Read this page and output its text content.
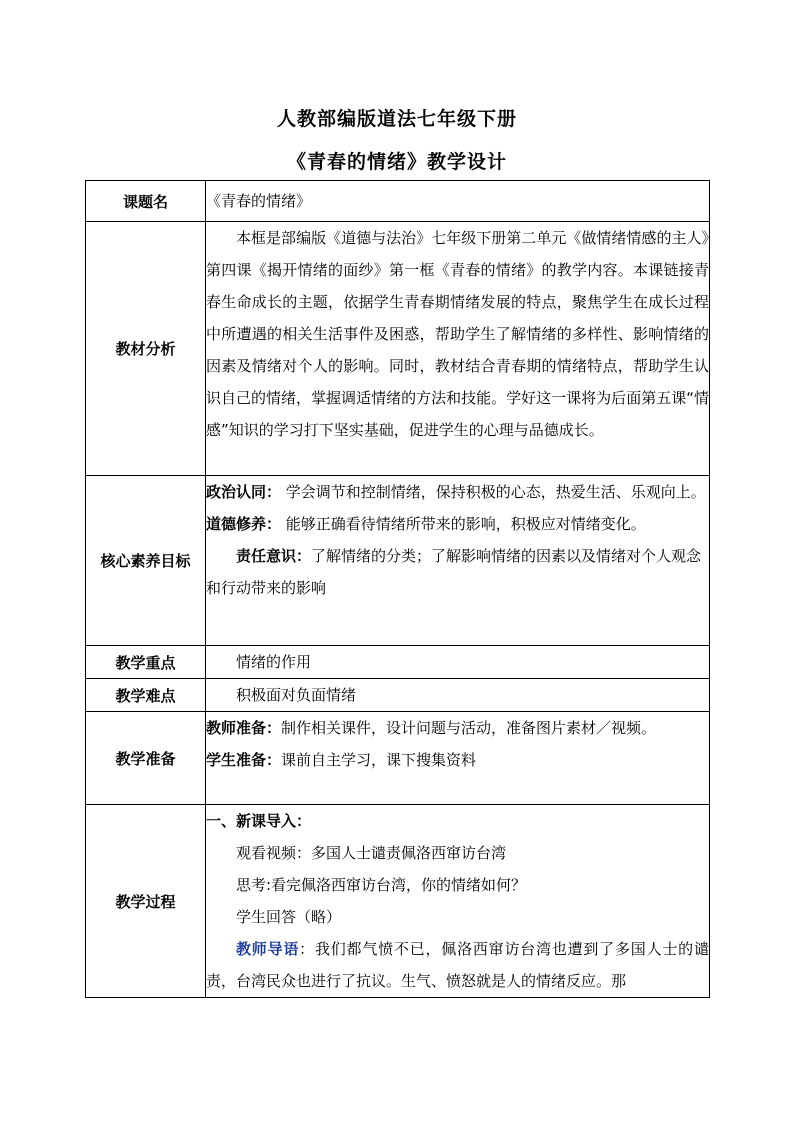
人教部编版道法七年级下册
《青春的情绪》教学设计
课题名	《青春的情绪》

教材分析	本框是部编版《道德与法治》七年级下册第二单元《做情绪情感的主人》第四课《揭开情绪的面纱》第一框《青春的情绪》的教学内容。本课链接青春生命成长的主题，依据学生青春期情绪发展的特点，聚焦学生在成长过程中所遭遇的相关生活事件及困惑，帮助学生了解情绪的多样性、影响情绪的因素及情绪对个人的影响。同时，教材结合青春期的情绪特点，帮助学生认识自己的情绪，掌握调适情绪的方法和技能。学好这一课将为后面第五课“情感”知识的学习打下坚实基础，促进学生的心理与品德成长。

核心素养目标	政治认同： 学会调节和控制情绪，保持积极的心态，热爱生活、乐观向上。
道德修养： 能够正确看待情绪所带来的影响，积极应对情绪变化。
责任意识：了解情绪的分类；了解影响情绪的因素以及情绪对个人观念和行动带来的影响

教学重点	情绪的作用

教学难点	积极面对负面情绪

教学准备	教师准备：制作相关课件，设计问题与活动，准备图片素材／视频。
学生准备：课前自主学习，课下搜集资料

教学过程	一、新课导入：
观看视频：多国人士谴责佩洛西窜访台湾
思考:看完佩洛西窜访台湾，你的情绪如何？
学生回答（略）
教师导语：我们都气愤不已，佩洛西窜访台湾也遭到了多国人士的谴责，台湾民众也进行了抗议。生气、愤怒就是人的情绪反应。那
